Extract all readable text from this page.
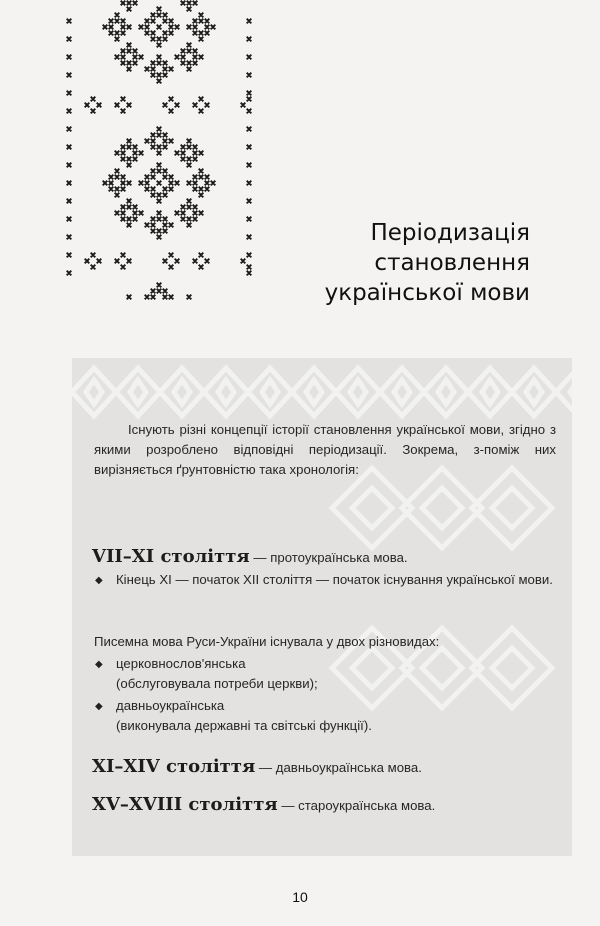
Періодизація
становлення
української мови
Існують різні концепції історії становлення української мови, згідно з якими розроблено відповідні періодизації. Зокрема, з-поміж них вирізняється ґрунтовністю така хронологія:
VII–XI століття — протоукраїнська мова.
◆ Кінець XI — початок XII століття — початок існування української мови.
Писемна мова Руси-України існувала у двох різновидах:
◆ церковнослов'янська
(обслуговувала потреби церкви);
◆ давньоукраїнська
(виконувала державні та світські функції).
XI–XIV століття — давньоукраїнська мова.
XV–XVIII століття — староукраїнська мова.
10
